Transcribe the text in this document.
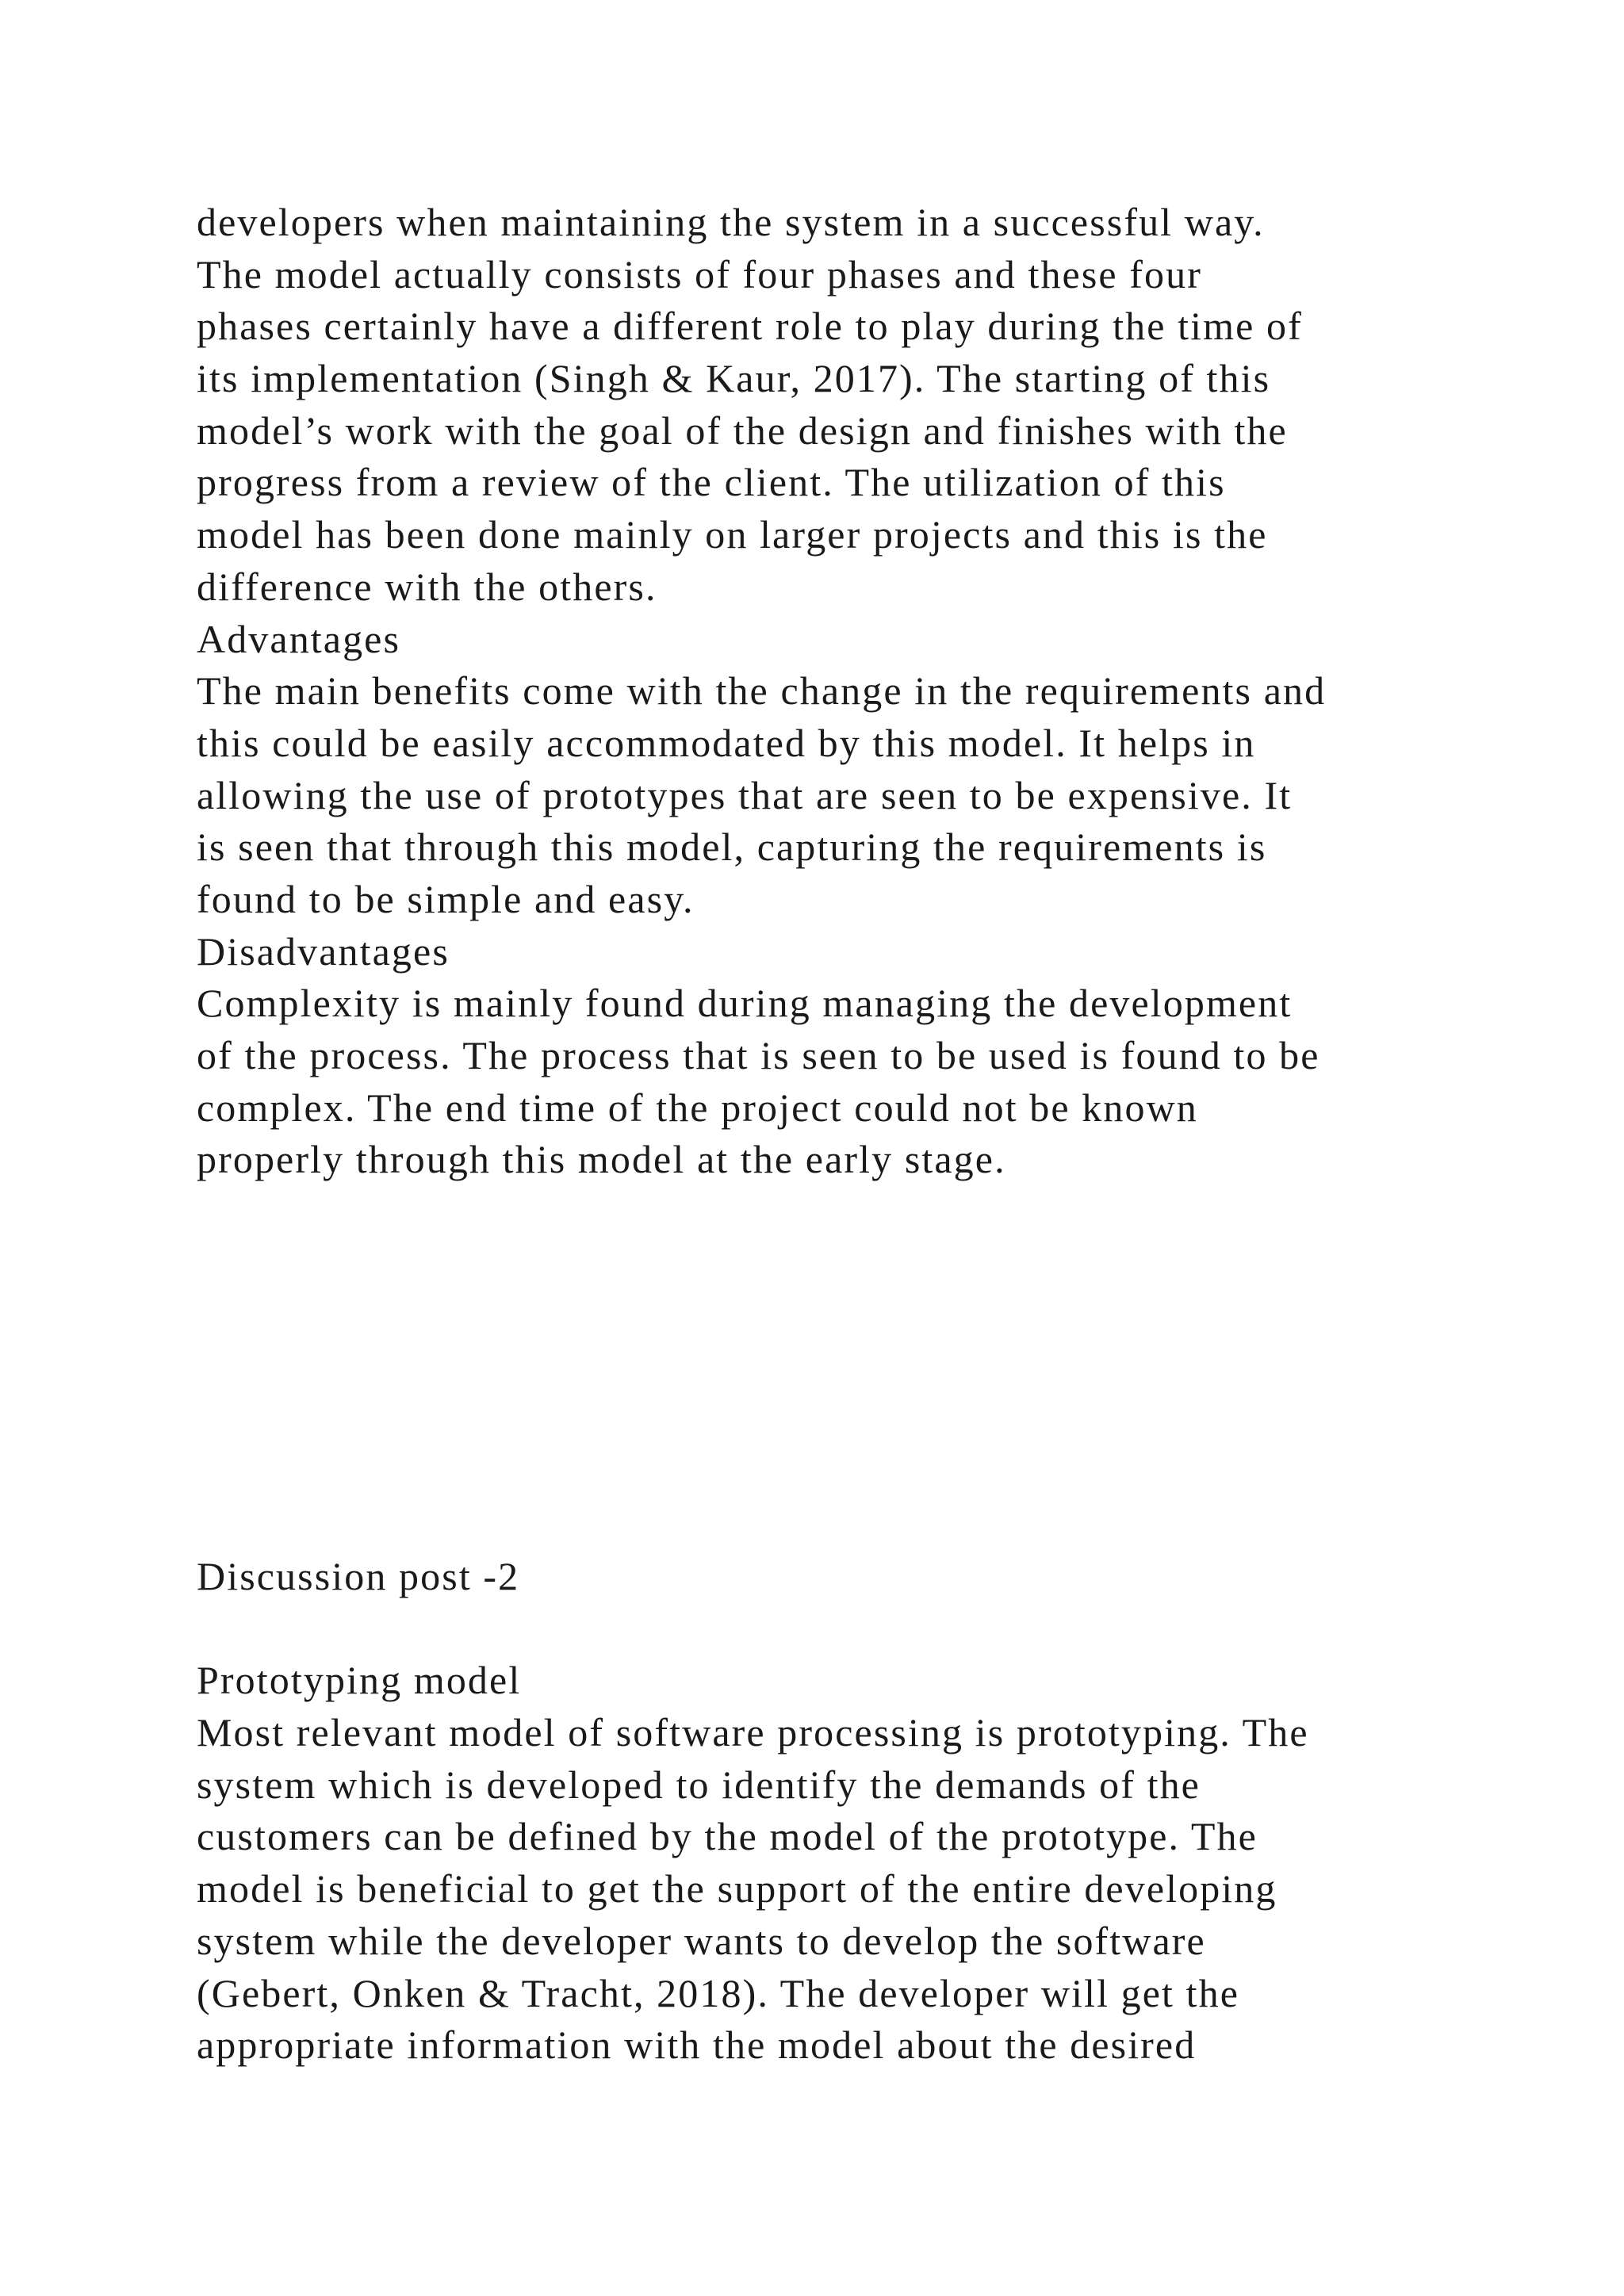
developers when maintaining the system in a successful way.
The model actually consists of four phases and these four
phases certainly have a different role to play during the time of
its implementation (Singh & Kaur, 2017). The starting of this
model’s work with the goal of the design and finishes with the
progress from a review of the client. The utilization of this
model has been done mainly on larger projects and this is the
difference with the others.
Advantages
The main benefits come with the change in the requirements and
this could be easily accommodated by this model. It helps in
allowing the use of prototypes that are seen to be expensive. It
is seen that through this model, capturing the requirements is
found to be simple and easy.
Disadvantages
Complexity is mainly found during managing the development
of the process. The process that is seen to be used is found to be
complex. The end time of the project could not be known
properly through this model at the early stage.
Discussion post -2
Prototyping model
Most relevant model of software processing is prototyping. The
system which is developed to identify the demands of the
customers can be defined by the model of the prototype. The
model is beneficial to get the support of the entire developing
system while the developer wants to develop the software
(Gebert, Onken & Tracht, 2018). The developer will get the
appropriate information with the model about the desired
